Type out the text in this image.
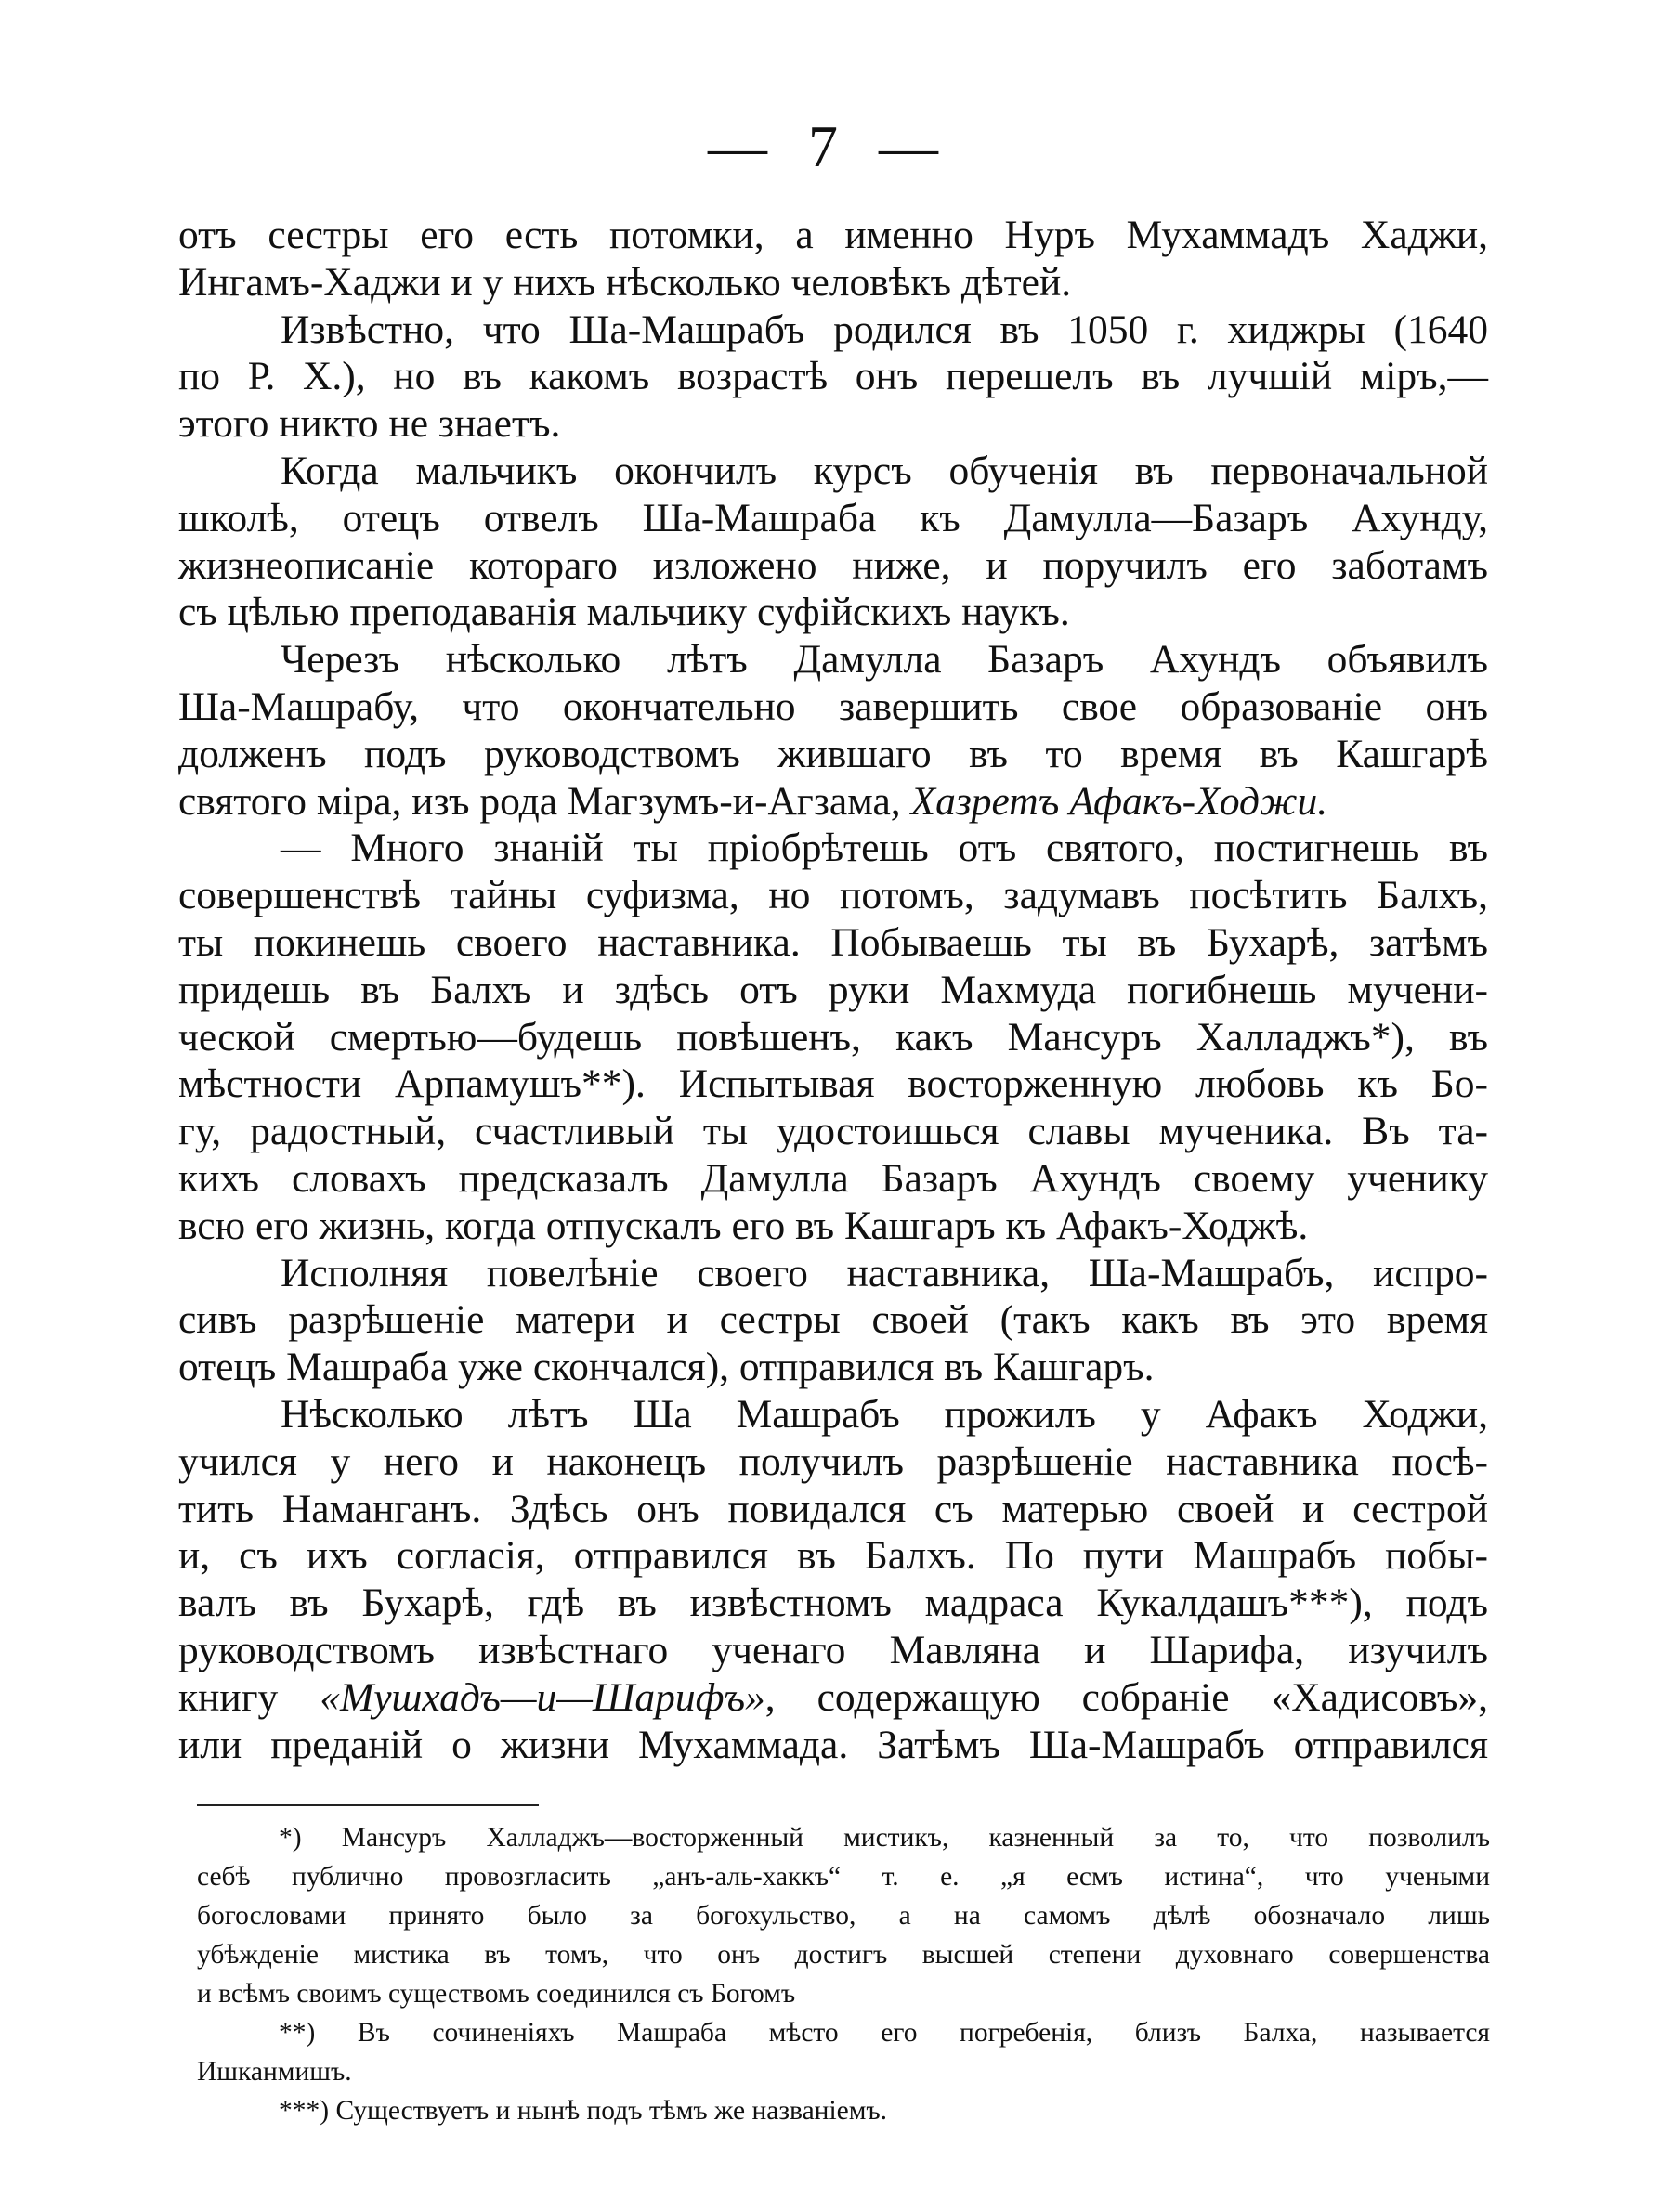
— 7 —

отъ сестры его есть потомки, а именно Нуръ Мухаммадъ Хаджи,
Ингамъ-Хаджи и у нихъ нѣсколько человѣкъ дѣтей.

Извѣстно, что Ша-Машрабъ родился въ 1050 г. хиджры (1640
по Р. Х.), но въ какомъ возрастѣ онъ перешелъ въ лучшій міръ,—
этого никто не знаетъ.

Когда мальчикъ окончилъ курсъ обученія въ первоначальной
школѣ, отецъ отвелъ Ша-Машраба къ Дамулла—Базаръ Ахунду,
жизнеописаніе котораго изложено ниже, и поручилъ его заботамъ
съ цѣлью преподаванія мальчику суфійскихъ наукъ.

Черезъ нѣсколько лѣтъ Дамулла Базаръ Ахундъ объявилъ
Ша-Машрабу, что окончательно завершить свое образованіе онъ
долженъ подъ руководствомъ жившаго въ то время въ Кашгарѣ
святого міра, изъ рода Магзумъ-и-Агзама, Хазретъ Афакъ-Ходжи.

— Много знаній ты пріобрѣтешь отъ святого, постигнешь въ
совершенствѣ тайны суфизма, но потомъ, задумавъ посѣтить Балхъ,
ты покинешь своего наставника. Побываешь ты въ Бухарѣ, затѣмъ
придешь въ Балхъ и здѣсь отъ руки Махмуда погибнешь мучени-
ческой смертью—будешь повѣшенъ, какъ Мансуръ Халладжъ*), въ
мѣстности Арпамушъ**). Испытывая восторженную любовь къ Бо-
гу, радостный, счастливый ты удостоишься славы мученика. Въ та-
кихъ словахъ предсказалъ Дамулла Базаръ Ахундъ своему ученику
всю его жизнь, когда отпускалъ его въ Кашгаръ къ Афакъ-Ходжѣ.

Исполняя повелѣніе своего наставника, Ша-Машрабъ, испро-
сивъ разрѣшеніе матери и сестры своей (такъ какъ въ это время
отецъ Машраба уже скончался), отправился въ Кашгаръ.

Нѣсколько лѣтъ Ша Машрабъ прожилъ у Афакъ Ходжи,
учился у него и наконецъ получилъ разрѣшеніе наставника посѣ-
тить Наманганъ. Здѣсь онъ повидался съ матерью своей и сестрой
и, съ ихъ согласія, отправился въ Балхъ. По пути Машрабъ побы-
валъ въ Бухарѣ, гдѣ въ извѣстномъ мадраса Кукалдашъ***), подъ
руководствомъ извѣстнаго ученаго Мавляна и Шарифа, изучилъ
книгу «Мушхадъ—и—Шарифъ», содержащую собраніе «Хадисовъ»,
или преданій о жизни Мухаммада. Затѣмъ Ша-Машрабъ отправился

*) Мансуръ Халладжъ—восторженный мистикъ, казненный за то, что позволилъ
себѣ публично провозгласить „анъ-аль-хаккъ“ т. е. „я есмъ истина“, что учеными
богословами принято было за богохульство, а на самомъ дѣлѣ обозначало лишь
убѣжденіе мистика въ томъ, что онъ достигъ высшей степени духовнаго совершенства
и всѣмъ своимъ существомъ соединился съ Богомъ
**) Въ сочиненіяхъ Машраба мѣсто его погребенія, близъ Балха, называется
Ишканмишъ.
***) Существуетъ и нынѣ подъ тѣмъ же названіемъ.
